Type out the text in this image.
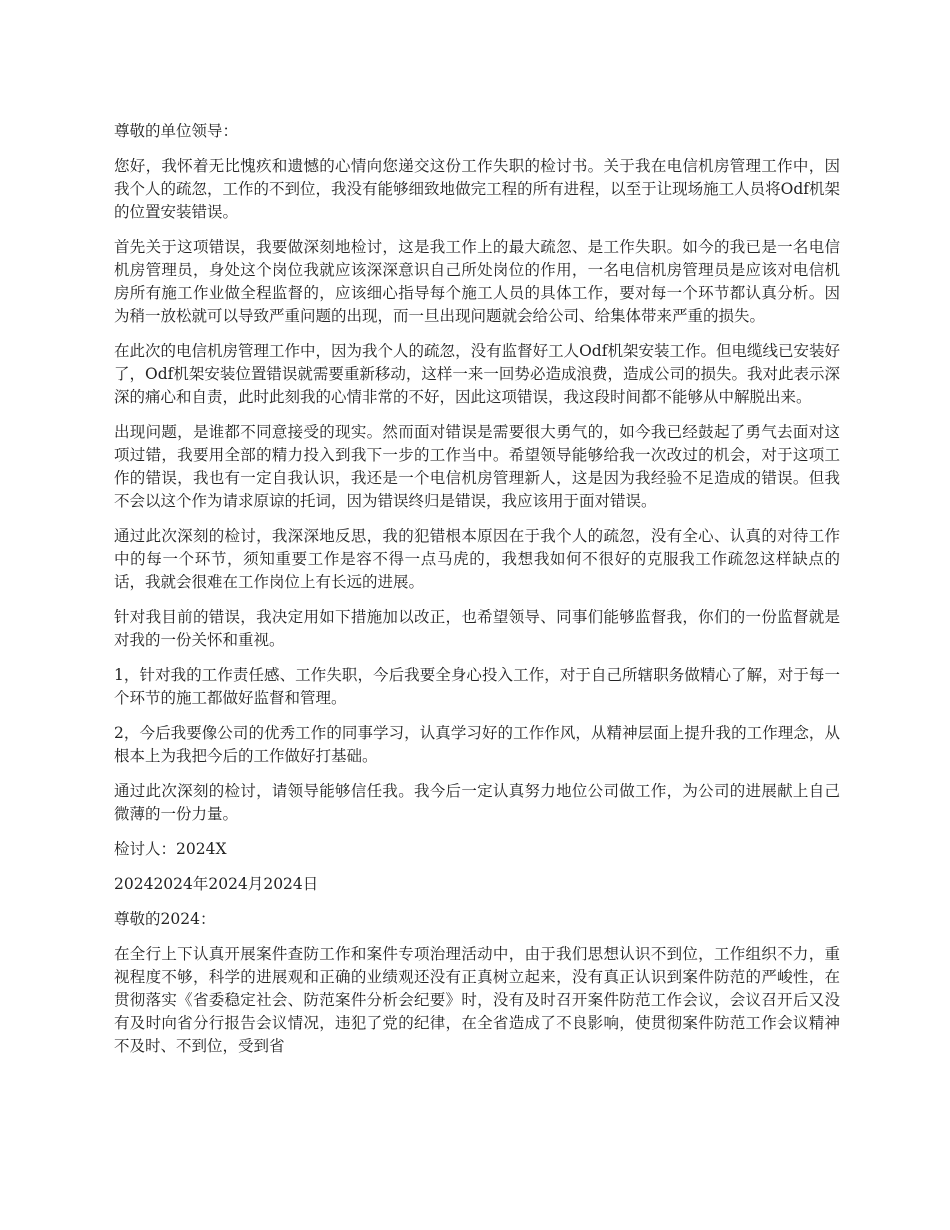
尊敬的单位领导：

您好，我怀着无比愧疚和遗憾的心情向您递交这份工作失职的检讨书。关于我在电信机房管理工作中，因我个人的疏忽，工作的不到位，我没有能够细致地做完工程的所有进程，以至于让现场施工人员将Odf机架的位置安装错误。

首先关于这项错误，我要做深刻地检讨，这是我工作上的最大疏忽、是工作失职。如今的我已是一名电信机房管理员，身处这个岗位我就应该深深意识自己所处岗位的作用，一名电信机房管理员是应该对电信机房所有施工作业做全程监督的，应该细心指导每个施工人员的具体工作，要对每一个环节都认真分析。因为稍一放松就可以导致严重问题的出现，而一旦出现问题就会给公司、给集体带来严重的损失。

在此次的电信机房管理工作中，因为我个人的疏忽，没有监督好工人Odf机架安装工作。但电缆线已安装好了，Odf机架安装位置错误就需要重新移动，这样一来一回势必造成浪费，造成公司的损失。我对此表示深深的痛心和自责，此时此刻我的心情非常的不好，因此这项错误，我这段时间都不能够从中解脱出来。

出现问题，是谁都不同意接受的现实。然而面对错误是需要很大勇气的，如今我已经鼓起了勇气去面对这项过错，我要用全部的精力投入到我下一步的工作当中。希望领导能够给我一次改过的机会，对于这项工作的错误，我也有一定自我认识，我还是一个电信机房管理新人，这是因为我经验不足造成的错误。但我不会以这个作为请求原谅的托词，因为错误终归是错误，我应该用于面对错误。

通过此次深刻的检讨，我深深地反思，我的犯错根本原因在于我个人的疏忽，没有全心、认真的对待工作中的每一个环节，须知重要工作是容不得一点马虎的，我想我如何不很好的克服我工作疏忽这样缺点的话，我就会很难在工作岗位上有长远的进展。

针对我目前的错误，我决定用如下措施加以改正，也希望领导、同事们能够监督我，你们的一份监督就是对我的一份关怀和重视。

1，针对我的工作责任感、工作失职，今后我要全身心投入工作，对于自己所辖职务做精心了解，对于每一个环节的施工都做好监督和管理。

2，今后我要像公司的优秀工作的同事学习，认真学习好的工作作风，从精神层面上提升我的工作理念，从根本上为我把今后的工作做好打基础。

通过此次深刻的检讨，请领导能够信任我。我今后一定认真努力地位公司做工作，为公司的进展献上自己微薄的一份力量。

检讨人：2024X

20242024年2024月2024日

尊敬的2024：

在全行上下认真开展案件查防工作和案件专项治理活动中，由于我们思想认识不到位，工作组织不力，重视程度不够，科学的进展观和正确的业绩观还没有正真树立起来，没有真正认识到案件防范的严峻性，在贯彻落实《省委稳定社会、防范案件分析会纪要》时，没有及时召开案件防范工作会议，会议召开后又没有及时向省分行报告会议情况，违犯了党的纪律，在全省造成了不良影响，使贯彻案件防范工作会议精神不及时、不到位，受到省
